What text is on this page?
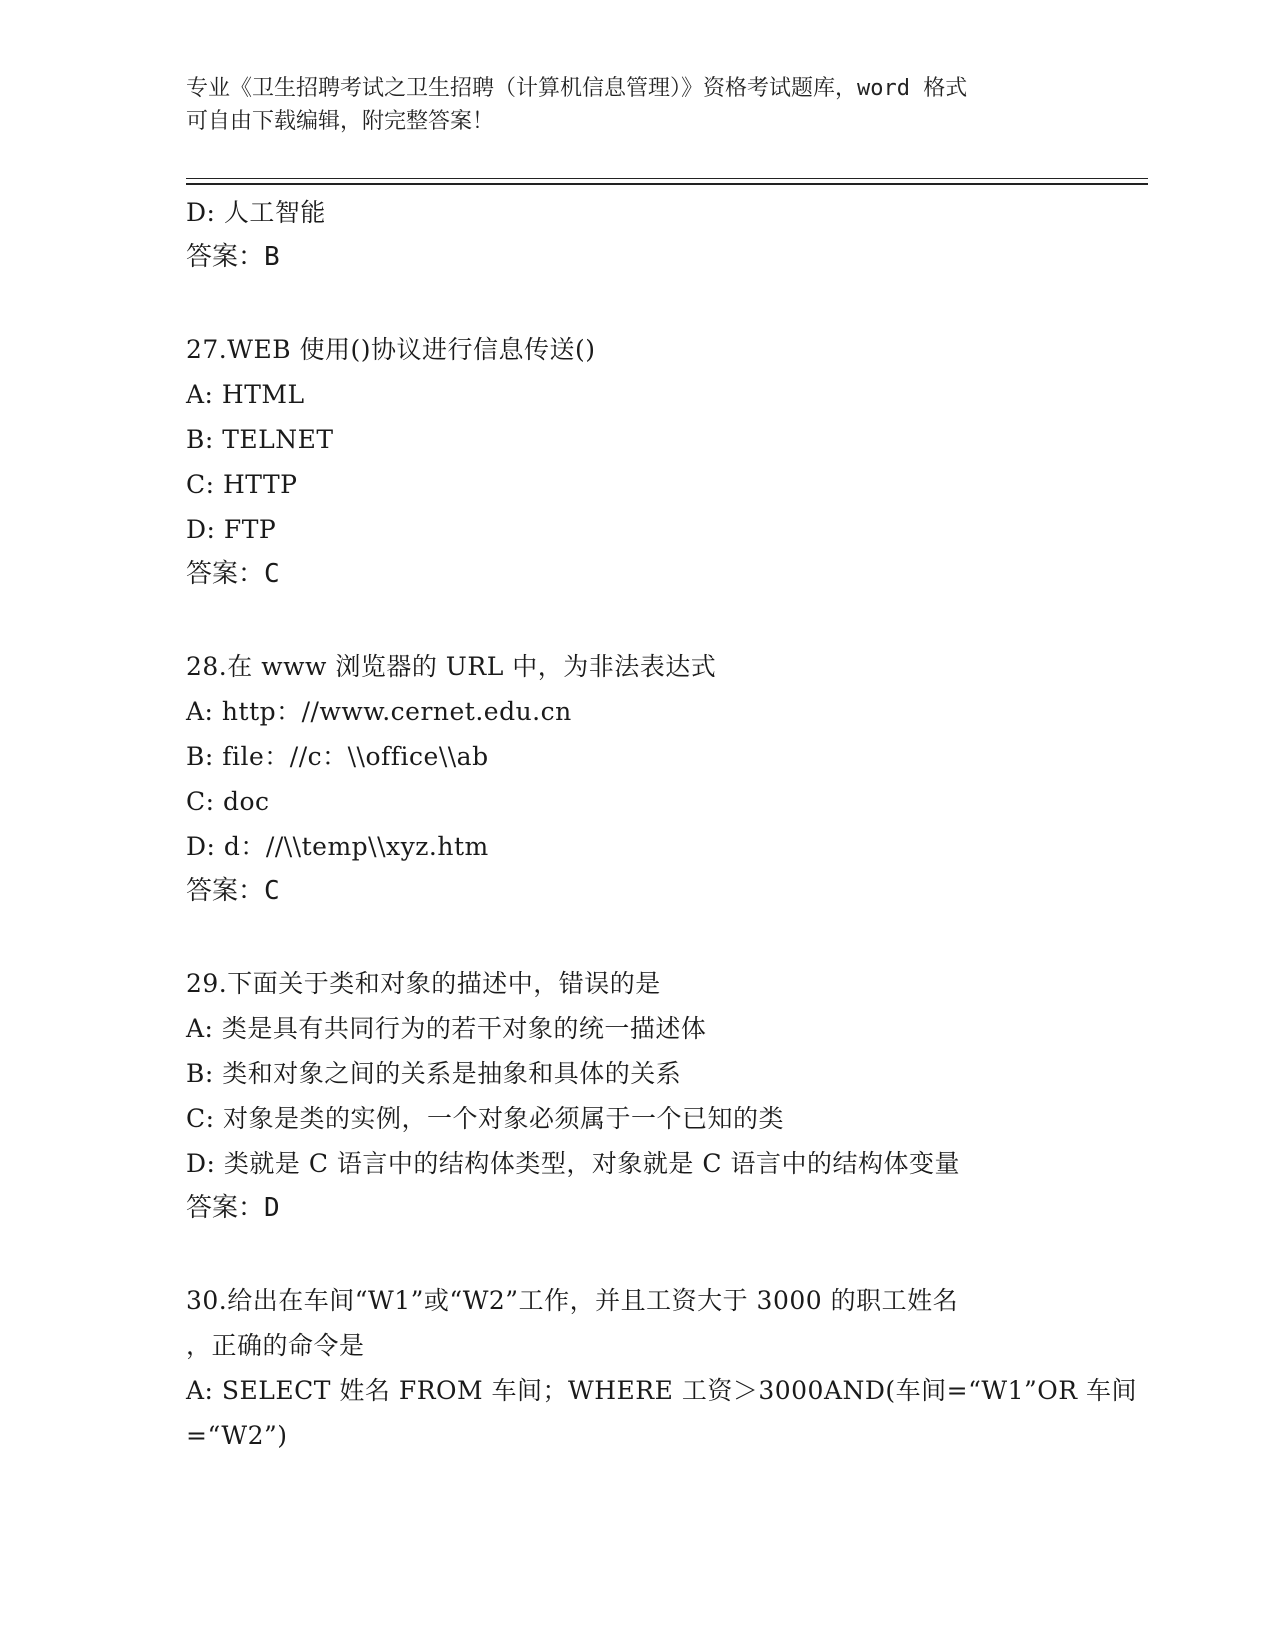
专业《卫生招聘考试之卫生招聘（计算机信息管理）》资格考试题库，word 格式
可自由下载编辑，附完整答案！
D: 人工智能
答案：B
27.WEB 使用()协议进行信息传送()
A: HTML
B: TELNET
C: HTTP
D: FTP
答案：C
28.在 www 浏览器的 URL 中，为非法表达式
A: http：//www.cernet.edu.cn
B: file：//c：\\office\\ab
C: doc
D: d：//\\temp\\xyz.htm
答案：C
29.下面关于类和对象的描述中，错误的是
A: 类是具有共同行为的若干对象的统一描述体
B: 类和对象之间的关系是抽象和具体的关系
C: 对象是类的实例，一个对象必须属于一个已知的类
D: 类就是 C 语言中的结构体类型，对象就是 C 语言中的结构体变量
答案：D
30.给出在车间“W1”或“W2”工作，并且工资大于 3000 的职工姓名
，正确的命令是
A: SELECT 姓名 FROM 车间；WHERE 工资＞3000AND(车间=“W1”OR 车间
=“W2”)
